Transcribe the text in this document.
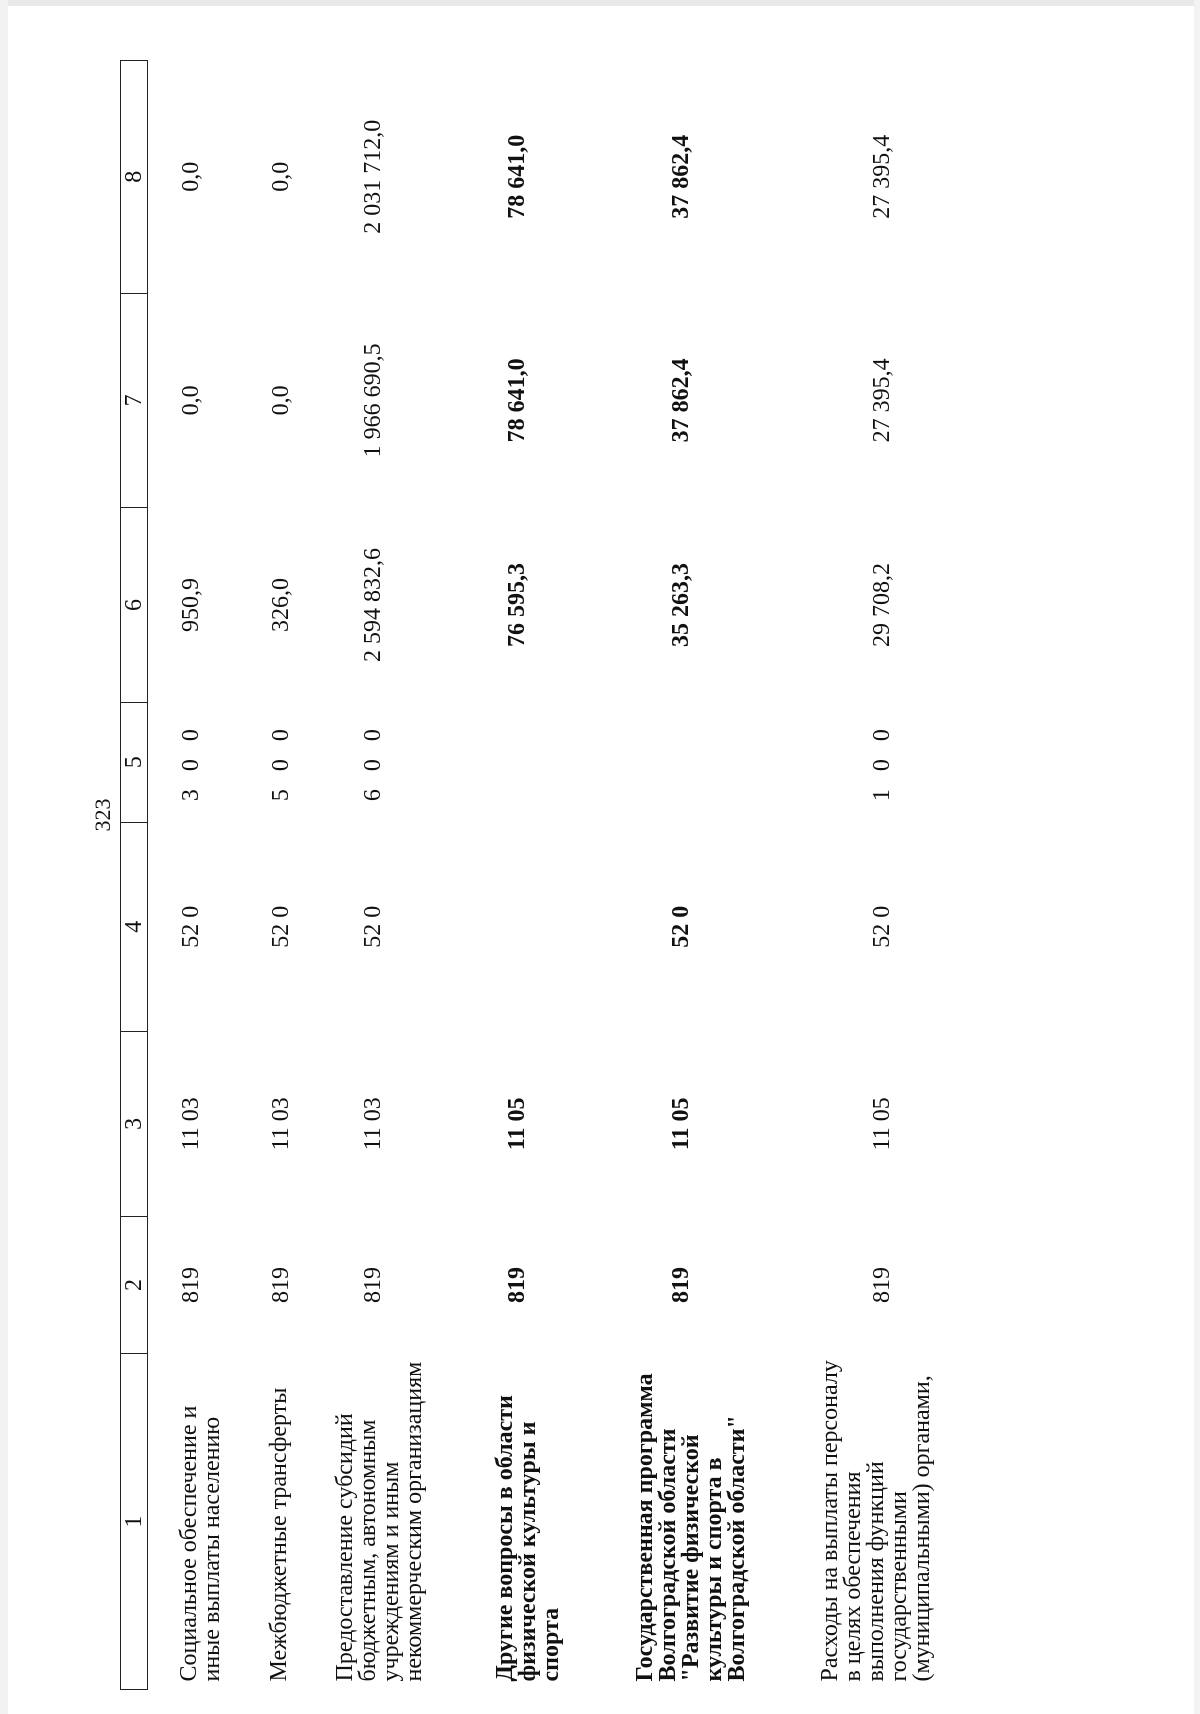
323
1	2	3	4	5	6	7	8
Социальное обеспечение и иные выплаты населению	819	11 03	52 0	3 0 0	950,9	0,0	0,0
Межбюджетные трансферты	819	11 03	52 0	5 0 0	326,0	0,0	0,0
Предоставление субсидий бюджетным, автономным учреждениям и иным некоммерческим организациям	819	11 03	52 0	6 0 0	2 594 832,6	1 966 690,5	2 031 712,0
Другие вопросы в области физической культуры и спорта	819	11 05			76 595,3	78 641,0	78 641,0
Государственная программа Волгоградской области "Развитие физической культуры и спорта в Волгоградской области"	819	11 05	52 0		35 263,3	37 862,4	37 862,4
Расходы на выплаты персоналу в целях обеспечения выполнения функций государственными (муниципальными) органами,	819	11 05	52 0	1 0 0	29 708,2	27 395,4	27 395,4
